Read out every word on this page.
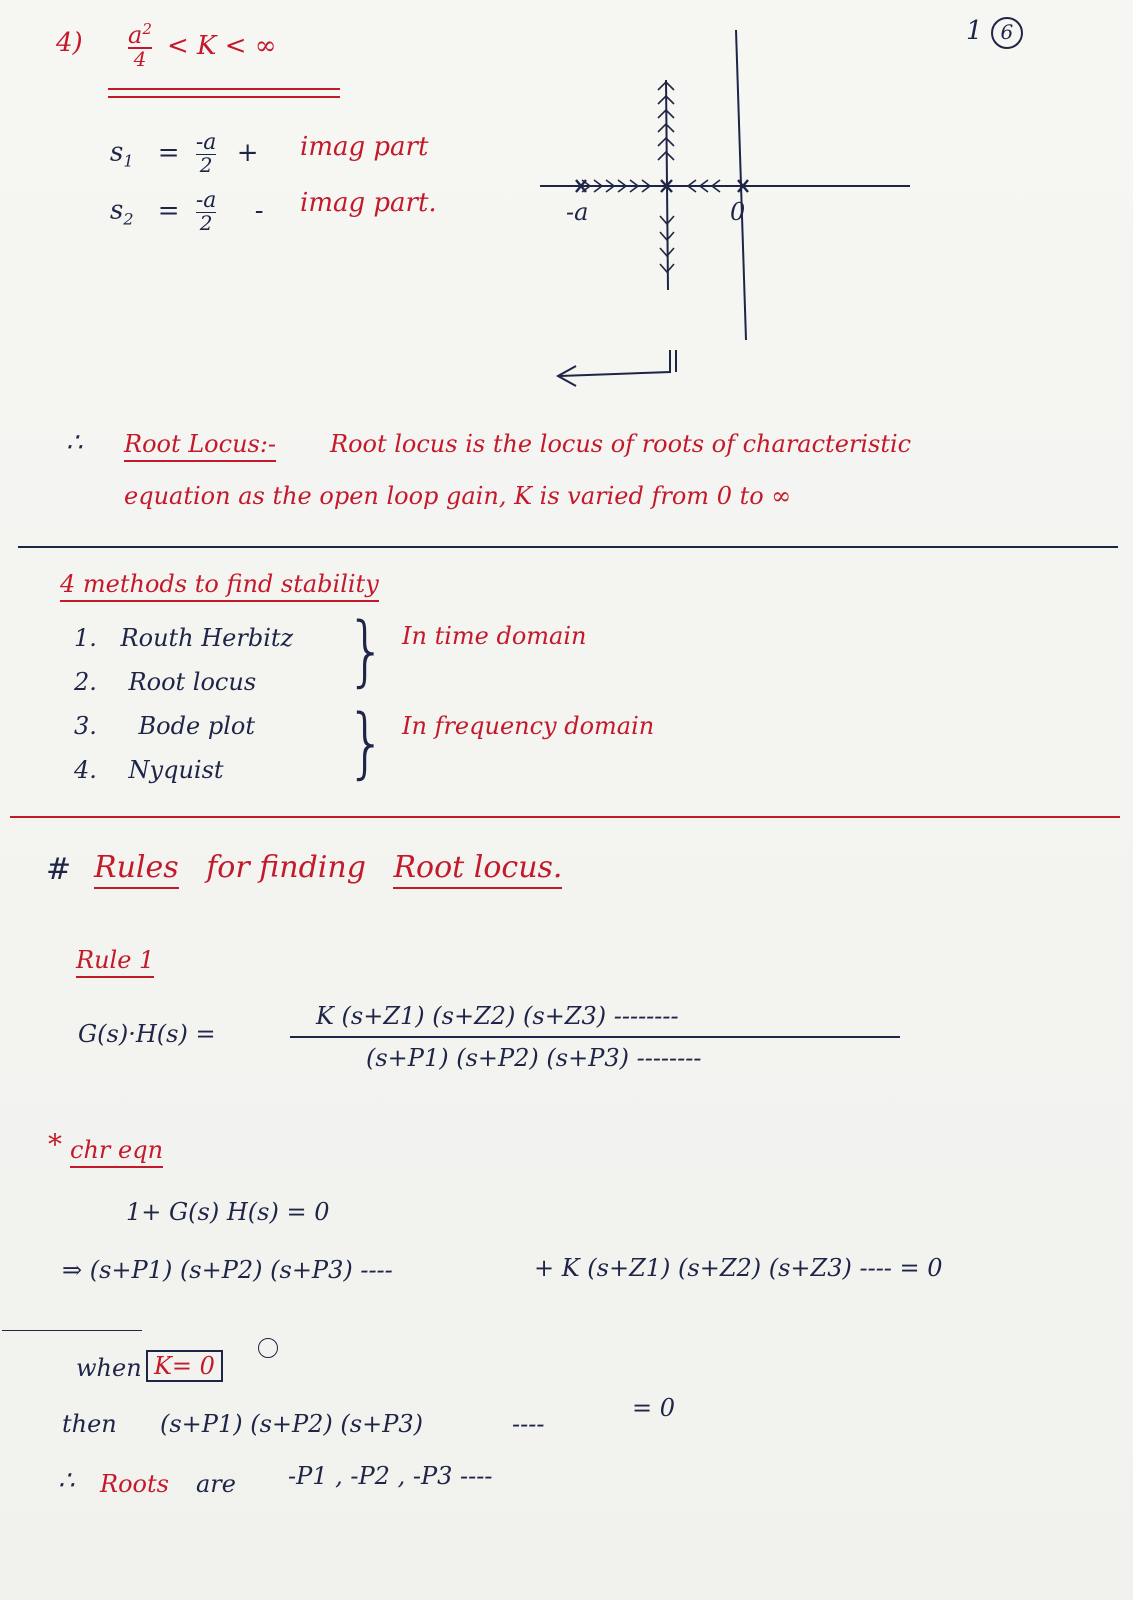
1 6
4) $a^2$
4 < K < ∞
$s_1 = \frac{-a}{2}$ + imag part
$s_2 = \frac{-a}{2}$ - imag part.	-a	0
∴ Root Locus:- Root locus is the locus of roots of characteristic
equation as the open loop gain, K is varied from 0 to ∞
4 methods to find stability
1. Routh Herbitz
2. Root locus
3. Bode plot
4. Nyquist
} In time domain
} In frequency domain
# Rules for finding Root locus.
Rule 1
G(s)·H(s) =
K (s+Z1) (s+Z2) (s+Z3) --------
(s+P1) (s+P2) (s+P3) --------
* chr eqn
1+ G(s) H(s) = 0
⇒ (s+P1) (s+P2) (s+P3) ----	+ K (s+Z1) (s+Z2) (s+Z3) ---- = 0
when K= 0
then (s+P1) (s+P2) (s+P3)	----
= 0
∴ Roots are -P1 , -P2 , -P3 ----
